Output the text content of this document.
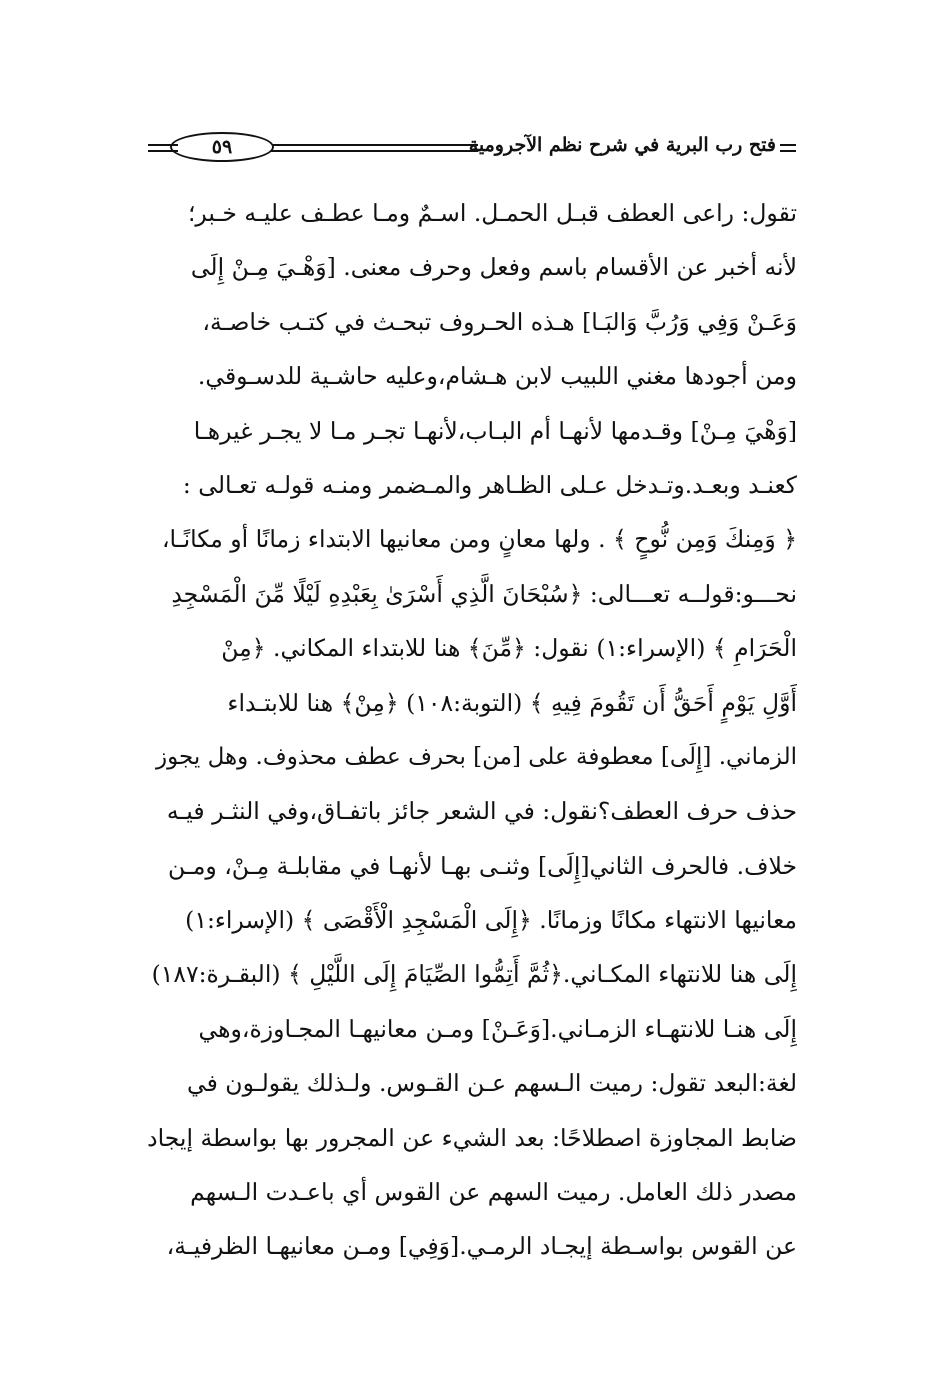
فتح رب البرية في شرح نظم الآجرومية
٥٩
تقول: راعى العطف قبـل الحمـل. اسـمٌ ومـا عطـف عليـه خـبر؛
لأنه أخبر عن الأقسام باسم وفعل وحرف معنى. [وَهْـيَ مِـنْ إِلَى
وَعَـنْ وَفِي وَرُبَّ وَالبَـا] هـذه الحـروف تبحـث في كتـب خاصـة،
ومن أجودها مغني اللبيب لابن هـشام،وعليه حاشـية للدسـوقي.
[وَهْيَ مِـنْ] وقـدمها لأنهـا أم البـاب،لأنهـا تجـر مـا لا يجـر غيرهـا
كعنـد وبعـد.وتـدخل عـلى الظـاهر والمـضمر ومنـه قولـه تعـالى :
﴿ وَمِنكَ وَمِن نُّوحٍ ﴾ . ولها معانٍ ومن معانيها الابتداء زمانًا أو مكانًـا،
نحـــو:قولــه تعـــالى: ﴿سُبْحَانَ الَّذِي أَسْرَىٰ بِعَبْدِهِ لَيْلًا مِّنَ الْمَسْجِدِ
الْحَرَامِ ﴾ (الإسراء:١) نقول: ﴿مِّنَ﴾ هنا للابتداء المكاني. ﴿مِنْ
أَوَّلِ يَوْمٍ أَحَقُّ أَن تَقُومَ فِيهِ ﴾ (التوبة:١٠٨) ﴿مِنْ﴾ هنا للابتـداء
الزماني. [إِلَى] معطوفة على [من] بحرف عطف محذوف. وهل يجوز
حذف حرف العطف؟نقول: في الشعر جائز باتفـاق،وفي النثـر فيـه
خلاف. فالحرف الثاني[إِلَى] وثنـى بهـا لأنهـا في مقابلـة مِـنْ، ومـن
معانيها الانتهاء مكانًا وزمانًا. ﴿إِلَى الْمَسْجِدِ الْأَقْصَى ﴾ (الإسراء:١)
إِلَى هنا للانتهاء المكـاني.﴿ثُمَّ أَتِمُّوا الصِّيَامَ إِلَى اللَّيْلِ ﴾ (البقـرة:١٨٧)
إِلَى هنـا للانتهـاء الزمـاني.[وَعَـنْ] ومـن معانيهـا المجـاوزة،وهي
لغة:البعد تقول: رميت الـسهم عـن القـوس. ولـذلك يقولـون في
ضابط المجاوزة اصطلاحًا: بعد الشيء عن المجرور بها بواسطة إيجاد
مصدر ذلك العامل. رميت السهم عن القوس أي باعـدت الـسهم
عن القوس بواسـطة إيجـاد الرمـي.[وَفِي] ومـن معانيهـا الظرفيـة،
